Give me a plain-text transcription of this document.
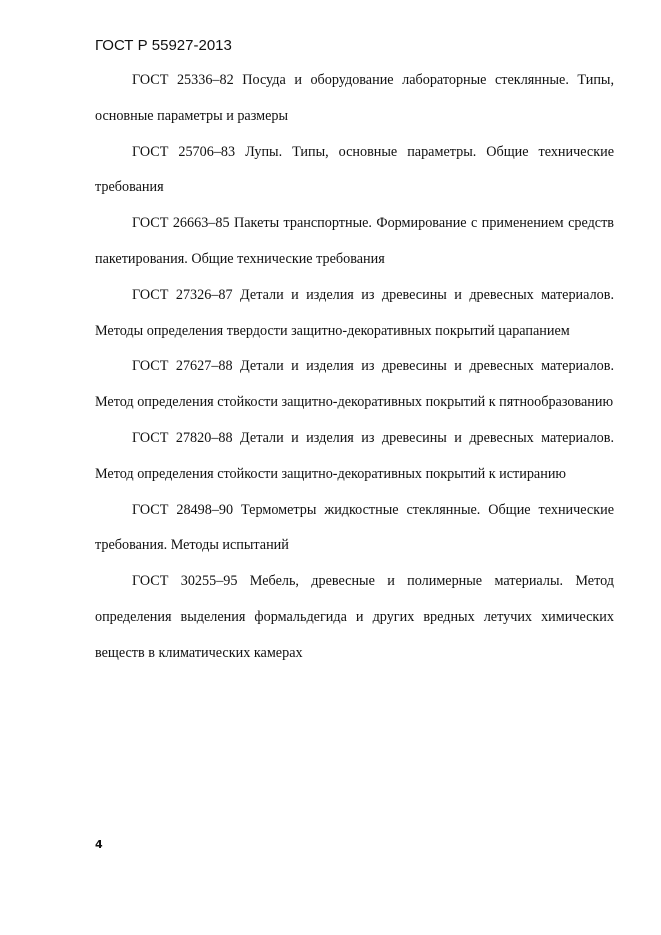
ГОСТ Р 55927-2013

ГОСТ 25336–82 Посуда и оборудование лабораторные стеклянные. Типы, основные параметры и размеры

ГОСТ 25706–83 Лупы. Типы, основные параметры. Общие технические требования

ГОСТ 26663–85 Пакеты транспортные. Формирование с применением средств пакетирования. Общие технические требования

ГОСТ 27326–87 Детали и изделия из древесины и древесных материалов. Методы определения твердости защитно-декоративных покрытий царапанием

ГОСТ 27627–88 Детали и изделия из древесины и древесных материалов. Метод определения стойкости защитно-декоративных покрытий к пятнообразованию

ГОСТ 27820–88 Детали и изделия из древесины и древесных материалов. Метод определения стойкости защитно-декоративных покрытий к истиранию

ГОСТ 28498–90 Термометры жидкостные стеклянные. Общие технические требования. Методы испытаний

ГОСТ 30255–95 Мебель, древесные и полимерные материалы. Метод определения выделения формальдегида и других вредных летучих химических веществ в климатических камерах

4
